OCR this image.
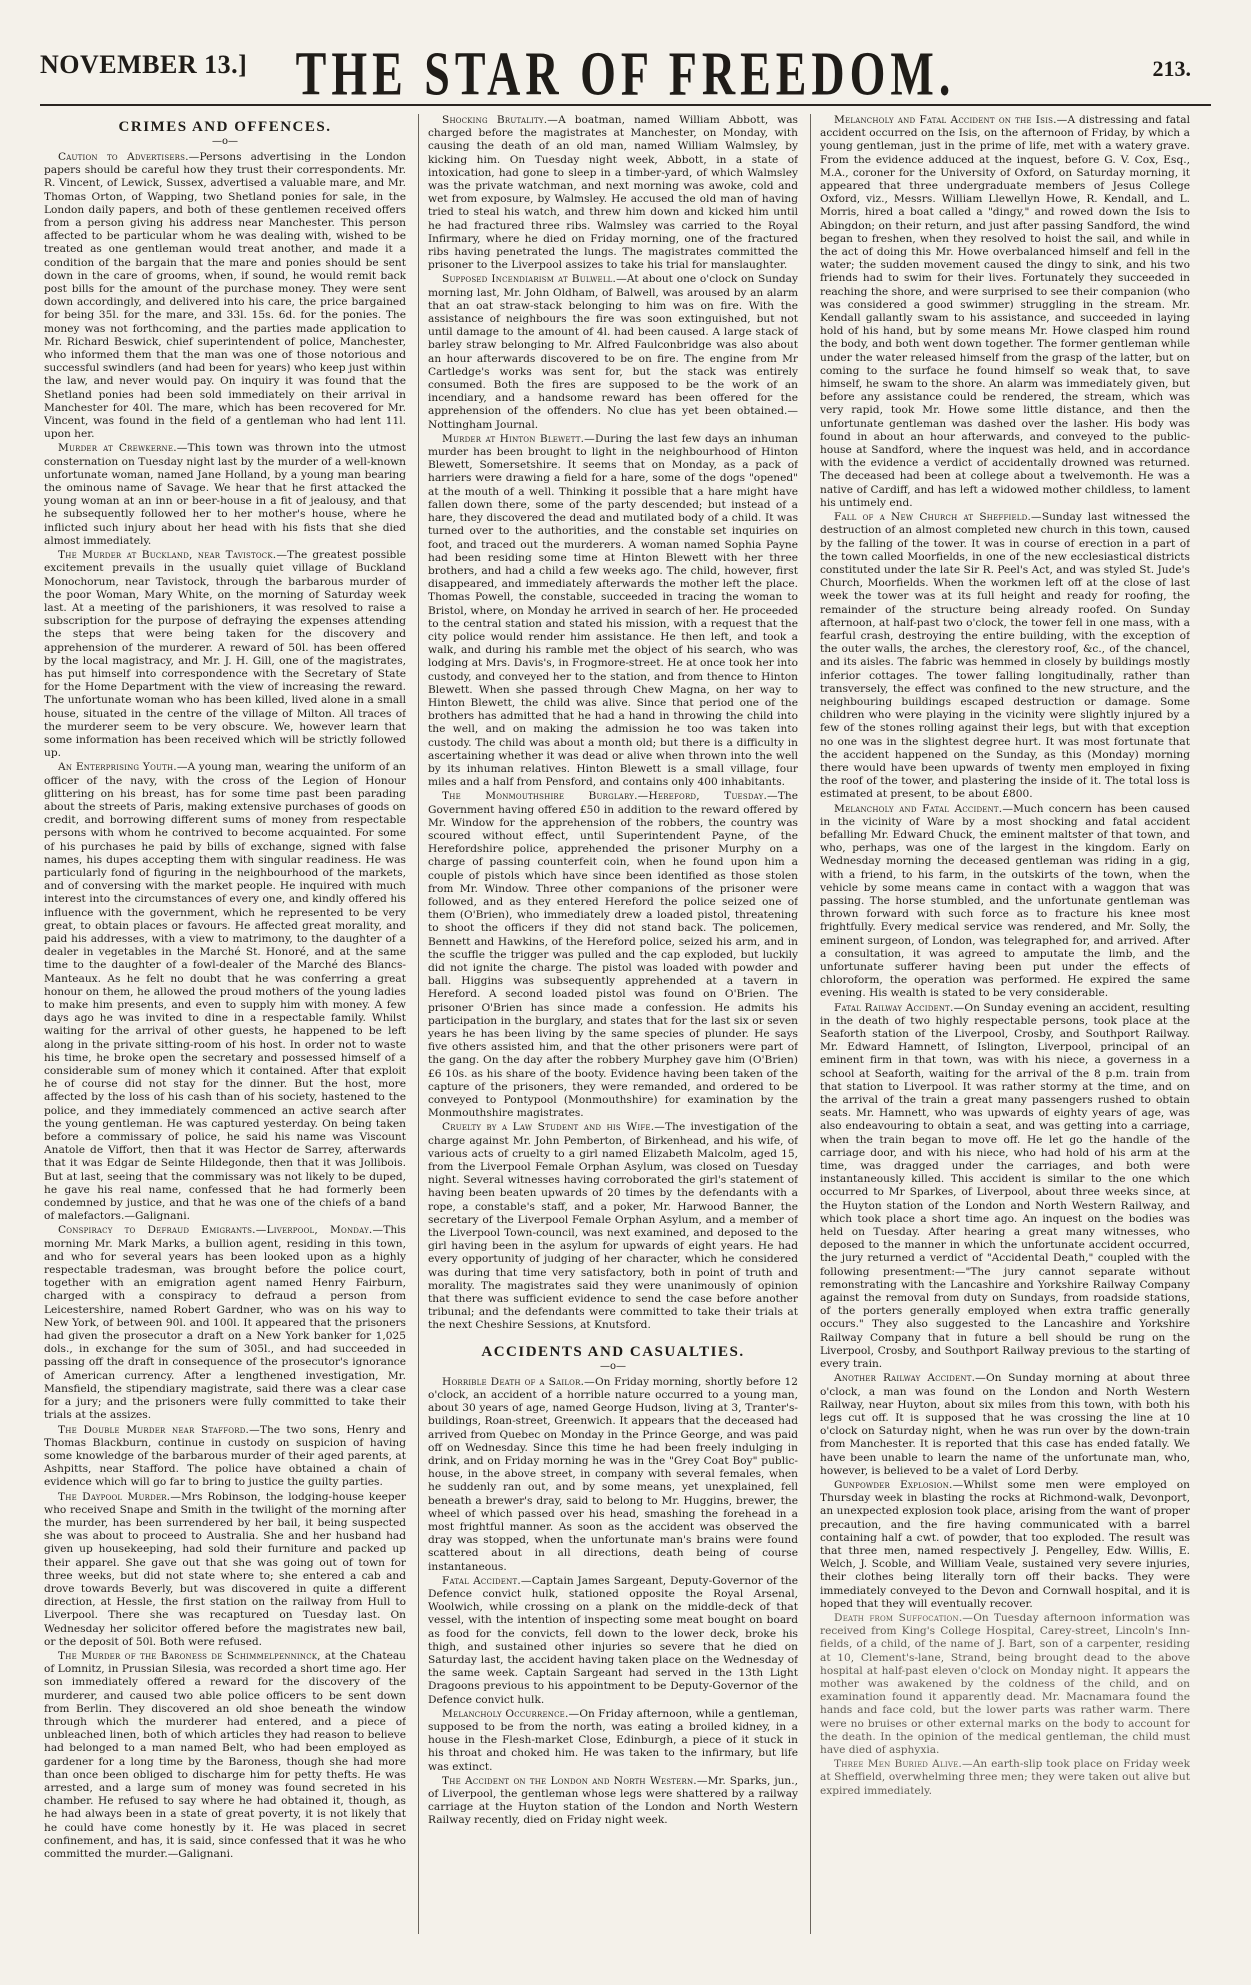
NOVEMBER 13.]	THE STAR OF FREEDOM.	213.
CRIMES AND OFFENCES.
—o—

Caution to Advertisers.—Persons advertising in the London papers should be careful how they trust their correspondents. Mr. R. Vincent, of Lewick, Sussex, advertised a valuable mare, and Mr. Thomas Orton, of Wapping, two Shetland ponies for sale, in the London daily papers, and both of these gentlemen received offers from a person giving his address near Manchester. This person affected to be particular whom he was dealing with, wished to be treated as one gentleman would treat another, and made it a condition of the bargain that the mare and ponies should be sent down in the care of grooms, when, if sound, he would remit back post bills for the amount of the purchase money. They were sent down accordingly, and delivered into his care, the price bargained for being 35l. for the mare, and 33l. 15s. 6d. for the ponies. The money was not forthcoming, and the parties made application to Mr. Richard Beswick, chief superintendent of police, Manchester, who informed them that the man was one of those notorious and successful swindlers (and had been for years) who keep just within the law, and never would pay. On inquiry it was found that the Shetland ponies had been sold immediately on their arrival in Manchester for 40l. The mare, which has been recovered for Mr. Vincent, was found in the field of a gentleman who had lent 11l. upon her.

Murder at Crewkerne.—This town was thrown into the utmost consternation on Tuesday night last by the murder of a well-known unfortunate woman, named Jane Holland, by a young man bearing the ominous name of Savage. We hear that he first attacked the young woman at an inn or beer-house in a fit of jealousy, and that he subsequently followed her to her mother's house, where he inflicted such injury about her head with his fists that she died almost immediately.

The Murder at Buckland, near Tavistock.—The greatest possible excitement prevails in the usually quiet village of Buckland Monochorum, near Tavistock, through the barbarous murder of the poor Woman, Mary White, on the morning of Saturday week last. At a meeting of the parishioners, it was resolved to raise a subscription for the purpose of defraying the expenses attending the steps that were being taken for the discovery and apprehension of the murderer. A reward of 50l. has been offered by the local magistracy, and Mr. J. H. Gill, one of the magistrates, has put himself into correspondence with the Secretary of State for the Home Department with the view of increasing the reward. The unfortunate woman who has been killed, lived alone in a small house, situated in the centre of the village of Milton. All traces of the murderer seem to be very obscure. We, however learn that some information has been received which will be strictly followed up.

An Enterprising Youth.—A young man, wearing the uniform of an officer of the navy, with the cross of the Legion of Honour glittering on his breast, has for some time past been parading about the streets of Paris, making extensive purchases of goods on credit, and borrowing different sums of money from respectable persons with whom he contrived to become acquainted. For some of his purchases he paid by bills of exchange, signed with false names, his dupes accepting them with singular readiness. He was particularly fond of figuring in the neighbourhood of the markets, and of conversing with the market people. He inquired with much interest into the circumstances of every one, and kindly offered his influence with the government, which he represented to be very great, to obtain places or favours. He affected great morality, and paid his addresses, with a view to matrimony, to the daughter of a dealer in vegetables in the Marché St. Honoré, and at the same time to the daughter of a fowl-dealer of the Marché des Blancs-Manteaux. As he felt no doubt that he was conferring a great honour on them, he allowed the proud mothers of the young ladies to make him presents, and even to supply him with money. A few days ago he was invited to dine in a respectable family. Whilst waiting for the arrival of other guests, he happened to be left along in the private sitting-room of his host. In order not to waste his time, he broke open the secretary and possessed himself of a considerable sum of money which it contained. After that exploit he of course did not stay for the dinner. But the host, more affected by the loss of his cash than of his society, hastened to the police, and they immediately commenced an active search after the young gentleman. He was captured yesterday. On being taken before a commissary of police, he said his name was Viscount Anatole de Viffort, then that it was Hector de Sarrey, afterwards that it was Edgar de Seinte Hildegonde, then that it was Jollibois. But at last, seeing that the commissary was not likely to be duped, he gave his real name, confessed that he had formerly been condemned by justice, and that he was one of the chiefs of a band of malefactors.—Galignani.

Conspiracy to Defraud Emigrants.—Liverpool, Monday.—This morning Mr. Mark Marks, a bullion agent, residing in this town, and who for several years has been looked upon as a highly respectable tradesman, was brought before the police court, together with an emigration agent named Henry Fairburn, charged with a conspiracy to defraud a person from Leicestershire, named Robert Gardner, who was on his way to New York, of between 90l. and 100l. It appeared that the prisoners had given the prosecutor a draft on a New York banker for 1,025 dols., in exchange for the sum of 305l., and had succeeded in passing off the draft in consequence of the prosecutor's ignorance of American currency. After a lengthened investigation, Mr. Mansfield, the stipendiary magistrate, said there was a clear case for a jury; and the prisoners were fully committed to take their trials at the assizes.

The Double Murder near Stafford.—The two sons, Henry and Thomas Blackburn, continue in custody on suspicion of having some knowledge of the barbarous murder of their aged parents, at Ashpitts, near Stafford. The police have obtained a chain of evidence which will go far to bring to justice the guilty parties.

The Daypool Murder.—Mrs Robinson, the lodging-house keeper who received Snape and Smith in the twilight of the morning after the murder, has been surrendered by her bail, it being suspected she was about to proceed to Australia. She and her husband had given up housekeeping, had sold their furniture and packed up their apparel. She gave out that she was going out of town for three weeks, but did not state where to; she entered a cab and drove towards Beverly, but was discovered in quite a different direction, at Hessle, the first station on the railway from Hull to Liverpool. There she was recaptured on Tuesday last. On Wednesday her solicitor offered before the magistrates new bail, or the deposit of 50l. Both were refused.

The Murder of the Baroness de Schimmelpenninck, at the Chateau of Lomnitz, in Prussian Silesia, was recorded a short time ago. Her son immediately offered a reward for the discovery of the murderer, and caused two able police officers to be sent down from Berlin. They discovered an old shoe beneath the window through which the murderer had entered, and a piece of unbleached linen, both of which articles they had reason to believe had belonged to a man named Belt, who had been employed as gardener for a long time by the Baroness, though she had more than once been obliged to discharge him for petty thefts. He was arrested, and a large sum of money was found secreted in his chamber. He refused to say where he had obtained it, though, as he had always been in a state of great poverty, it is not likely that he could have come honestly by it. He was placed in secret confinement, and has, it is said, since confessed that it was he who committed the murder.—Galignani.

Shocking Brutality.—A boatman, named William Abbott, was charged before the magistrates at Manchester, on Monday, with causing the death of an old man, named William Walmsley, by kicking him. On Tuesday night week, Abbott, in a state of intoxication, had gone to sleep in a timber-yard, of which Walmsley was the private watchman, and next morning was awoke, cold and wet from exposure, by Walmsley. He accused the old man of having tried to steal his watch, and threw him down and kicked him until he had fractured three ribs. Walmsley was carried to the Royal Infirmary, where he died on Friday morning, one of the fractured ribs having penetrated the lungs. The magistrates committed the prisoner to the Liverpool assizes to take his trial for manslaughter.

Supposed Incendiarism at Bulwell.—At about one o'clock on Sunday morning last, Mr. John Oldham, of Balwell, was aroused by an alarm that an oat straw-stack belonging to him was on fire. With the assistance of neighbours the fire was soon extinguished, but not until damage to the amount of 4l. had been caused. A large stack of barley straw belonging to Mr. Alfred Faulconbridge was also about an hour afterwards discovered to be on fire. The engine from Mr Cartledge's works was sent for, but the stack was entirely consumed. Both the fires are supposed to be the work of an incendiary, and a handsome reward has been offered for the apprehension of the offenders. No clue has yet been obtained.—Nottingham Journal.

Murder at Hinton Blewett.—During the last few days an inhuman murder has been brought to light in the neighbourhood of Hinton Blewett, Somersetshire. It seems that on Monday, as a pack of harriers were drawing a field for a hare, some of the dogs "opened" at the mouth of a well. Thinking it possible that a hare might have fallen down there, some of the party descended; but instead of a hare, they discovered the dead and mutilated body of a child. It was turned over to the authorities, and the constable set inquiries on foot, and traced out the murderers. A woman named Sophia Payne had been residing some time at Hinton Blewett with her three brothers, and had a child a few weeks ago. The child, however, first disappeared, and immediately afterwards the mother left the place. Thomas Powell, the constable, succeeded in tracing the woman to Bristol, where, on Monday he arrived in search of her. He proceeded to the central station and stated his mission, with a request that the city police would render him assistance. He then left, and took a walk, and during his ramble met the object of his search, who was lodging at Mrs. Davis's, in Frogmore-street. He at once took her into custody, and conveyed her to the station, and from thence to Hinton Blewett. When she passed through Chew Magna, on her way to Hinton Blewett, the child was alive. Since that period one of the brothers has admitted that he had a hand in throwing the child into the well, and on making the admission he too was taken into custody. The child was about a month old; but there is a difficulty in ascertaining whether it was dead or alive when thrown into the well by its inhuman relatives. Hinton Blewett is a small village, four miles and a half from Pensford, and contains only 400 inhabitants.

The Monmouthshire Burglary.—Hereford, Tuesday.—The Government having offered £50 in addition to the reward offered by Mr. Window for the apprehension of the robbers, the country was scoured without effect, until Superintendent Payne, of the Herefordshire police, apprehended the prisoner Murphy on a charge of passing counterfeit coin, when he found upon him a couple of pistols which have since been identified as those stolen from Mr. Window. Three other companions of the prisoner were followed, and as they entered Hereford the police seized one of them (O'Brien), who immediately drew a loaded pistol, threatening to shoot the officers if they did not stand back. The policemen, Bennett and Hawkins, of the Hereford police, seized his arm, and in the scuffle the trigger was pulled and the cap exploded, but luckily did not ignite the charge. The pistol was loaded with powder and ball. Higgins was subsequently apprehended at a tavern in Hereford. A second loaded pistol was found on O'Brien. The prisoner O'Brien has since made a confession. He admits his participation in the burglary, and states that for the last six or seven years he has been living by the same species of plunder. He says five others assisted him, and that the other prisoners were part of the gang. On the day after the robbery Murphey gave him (O'Brien) £6 10s. as his share of the booty. Evidence having been taken of the capture of the prisoners, they were remanded, and ordered to be conveyed to Pontypool (Monmouthshire) for examination by the Monmouthshire magistrates.

Cruelty by a Law Student and his Wife.—The investigation of the charge against Mr. John Pemberton, of Birkenhead, and his wife, of various acts of cruelty to a girl named Elizabeth Malcolm, aged 15, from the Liverpool Female Orphan Asylum, was closed on Tuesday night. Several witnesses having corroborated the girl's statement of having been beaten upwards of 20 times by the defendants with a rope, a constable's staff, and a poker, Mr. Harwood Banner, the secretary of the Liverpool Female Orphan Asylum, and a member of the Liverpool Town-council, was next examined, and deposed to the girl having been in the asylum for upwards of eight years. He had every opportunity of judging of her character, which he considered was during that time very satisfactory, both in point of truth and morality. The magistrates said they were unanimously of opinion that there was sufficient evidence to send the case before another tribunal; and the defendants were committed to take their trials at the next Cheshire Sessions, at Knutsford.

ACCIDENTS AND CASUALTIES.
—o—

Horrible Death of a Sailor.—On Friday morning, shortly before 12 o'clock, an accident of a horrible nature occurred to a young man, about 30 years of age, named George Hudson, living at 3, Tranter's-buildings, Roan-street, Greenwich. It appears that the deceased had arrived from Quebec on Monday in the Prince George, and was paid off on Wednesday. Since this time he had been freely indulging in drink, and on Friday morning he was in the "Grey Coat Boy" public-house, in the above street, in company with several females, when he suddenly ran out, and by some means, yet unexplained, fell beneath a brewer's dray, said to belong to Mr. Huggins, brewer, the wheel of which passed over his head, smashing the forehead in a most frightful manner. As soon as the accident was observed the dray was stopped, when the unfortunate man's brains were found scattered about in all directions, death being of course instantaneous.

Fatal Accident.—Captain James Sargeant, Deputy-Governor of the Defence convict hulk, stationed opposite the Royal Arsenal, Woolwich, while crossing on a plank on the middle-deck of that vessel, with the intention of inspecting some meat bought on board as food for the convicts, fell down to the lower deck, broke his thigh, and sustained other injuries so severe that he died on Saturday last, the accident having taken place on the Wednesday of the same week. Captain Sargeant had served in the 13th Light Dragoons previous to his appointment to be Deputy-Governor of the Defence convict hulk.

Melancholy Occurrence.—On Friday afternoon, while a gentleman, supposed to be from the north, was eating a broiled kidney, in a house in the Flesh-market Close, Edinburgh, a piece of it stuck in his throat and choked him. He was taken to the infirmary, but life was extinct.

The Accident on the London and North Western.—Mr. Sparks, jun., of Liverpool, the gentleman whose legs were shattered by a railway carriage at the Huyton station of the London and North Western Railway recently, died on Friday night week.

Melancholy and Fatal Accident on the Isis.—A distressing and fatal accident occurred on the Isis, on the afternoon of Friday, by which a young gentleman, just in the prime of life, met with a watery grave. From the evidence adduced at the inquest, before G. V. Cox, Esq., M.A., coroner for the University of Oxford, on Saturday morning, it appeared that three undergraduate members of Jesus College Oxford, viz., Messrs. William Llewellyn Howe, R. Kendall, and L. Morris, hired a boat called a "dingy," and rowed down the Isis to Abingdon; on their return, and just after passing Sandford, the wind began to freshen, when they resolved to hoist the sail, and while in the act of doing this Mr. Howe overbalanced himself and fell in the water; the sudden movement caused the dingy to sink, and his two friends had to swim for their lives. Fortunately they succeeded in reaching the shore, and were surprised to see their companion (who was considered a good swimmer) struggling in the stream. Mr. Kendall gallantly swam to his assistance, and succeeded in laying hold of his hand, but by some means Mr. Howe clasped him round the body, and both went down together. The former gentleman while under the water released himself from the grasp of the latter, but on coming to the surface he found himself so weak that, to save himself, he swam to the shore. An alarm was immediately given, but before any assistance could be rendered, the stream, which was very rapid, took Mr. Howe some little distance, and then the unfortunate gentleman was dashed over the lasher. His body was found in about an hour afterwards, and conveyed to the public-house at Sandford, where the inquest was held, and in accordance with the evidence a verdict of accidentally drowned was returned. The deceased had been at college about a twelvemonth. He was a native of Cardiff, and has left a widowed mother childless, to lament his untimely end.

Fall of a New Church at Sheffield.—Sunday last witnessed the destruction of an almost completed new church in this town, caused by the falling of the tower. It was in course of erection in a part of the town called Moorfields, in one of the new ecclesiastical districts constituted under the late Sir R. Peel's Act, and was styled St. Jude's Church, Moorfields. When the workmen left off at the close of last week the tower was at its full height and ready for roofing, the remainder of the structure being already roofed. On Sunday afternoon, at half-past two o'clock, the tower fell in one mass, with a fearful crash, destroying the entire building, with the exception of the outer walls, the arches, the clerestory roof, &c., of the chancel, and its aisles. The fabric was hemmed in closely by buildings mostly inferior cottages. The tower falling longitudinally, rather than transversely, the effect was confined to the new structure, and the neighbouring buildings escaped destruction or damage. Some children who were playing in the vicinity were slightly injured by a few of the stones rolling against their legs, but with that exception no one was in the slightest degree hurt. It was most fortunate that the accident happened on the Sunday, as this (Monday) morning there would have been upwards of twenty men employed in fixing the roof of the tower, and plastering the inside of it. The total loss is estimated at present, to be about £800.

Melancholy and Fatal Accident.—Much concern has been caused in the vicinity of Ware by a most shocking and fatal accident befalling Mr. Edward Chuck, the eminent maltster of that town, and who, perhaps, was one of the largest in the kingdom. Early on Wednesday morning the deceased gentleman was riding in a gig, with a friend, to his farm, in the outskirts of the town, when the vehicle by some means came in contact with a waggon that was passing. The horse stumbled, and the unfortunate gentleman was thrown forward with such force as to fracture his knee most frightfully. Every medical service was rendered, and Mr. Solly, the eminent surgeon, of London, was telegraphed for, and arrived. After a consultation, it was agreed to amputate the limb, and the unfortunate sufferer having been put under the effects of chloroform, the operation was performed. He expired the same evening. His wealth is stated to be very considerable.

Fatal Railway Accident.—On Sunday evening an accident, resulting in the death of two highly respectable persons, took place at the Seaforth station of the Liverpool, Crosby, and Southport Railway. Mr. Edward Hamnett, of Islington, Liverpool, principal of an eminent firm in that town, was with his niece, a governess in a school at Seaforth, waiting for the arrival of the 8 p.m. train from that station to Liverpool. It was rather stormy at the time, and on the arrival of the train a great many passengers rushed to obtain seats. Mr. Hamnett, who was upwards of eighty years of age, was also endeavouring to obtain a seat, and was getting into a carriage, when the train began to move off. He let go the handle of the carriage door, and with his niece, who had hold of his arm at the time, was dragged under the carriages, and both were instantaneously killed. This accident is similar to the one which occurred to Mr Sparkes, of Liverpool, about three weeks since, at the Huyton station of the London and North Western Railway, and which took place a short time ago. An inquest on the bodies was held on Tuesday. After hearing a great many witnesses, who deposed to the manner in which the unfortunate accident occurred, the jury returned a verdict of "Accidental Death," coupled with the following presentment:—"The jury cannot separate without remonstrating with the Lancashire and Yorkshire Railway Company against the removal from duty on Sundays, from roadside stations, of the porters generally employed when extra traffic generally occurs." They also suggested to the Lancashire and Yorkshire Railway Company that in future a bell should be rung on the Liverpool, Crosby, and Southport Railway previous to the starting of every train.

Another Railway Accident.—On Sunday morning at about three o'clock, a man was found on the London and North Western Railway, near Huyton, about six miles from this town, with both his legs cut off. It is supposed that he was crossing the line at 10 o'clock on Saturday night, when he was run over by the down-train from Manchester. It is reported that this case has ended fatally. We have been unable to learn the name of the unfortunate man, who, however, is believed to be a valet of Lord Derby.

Gunpowder Explosion.—Whilst some men were employed on Thursday week in blasting the rocks at Richmond-walk, Devonport, an unexpected explosion took place, arising from the want of proper precaution, and the fire having communicated with a barrel containing half a cwt. of powder, that too exploded. The result was that three men, named respectively J. Pengelley, Edw. Willis, E. Welch, J. Scoble, and William Veale, sustained very severe injuries, their clothes being literally torn off their backs. They were immediately conveyed to the Devon and Cornwall hospital, and it is hoped that they will eventually recover.

Death from Suffocation.—On Tuesday afternoon information was received from King's College Hospital, Carey-street, Lincoln's Inn-fields, of a child, of the name of J. Bart, son of a carpenter, residing at 10, Clement's-lane, Strand, being brought dead to the above hospital at half-past eleven o'clock on Monday night. It appears the mother was awakened by the coldness of the child, and on examination found it apparently dead. Mr. Macnamara found the hands and face cold, but the lower parts was rather warm. There were no bruises or other external marks on the body to account for the death. In the opinion of the medical gentleman, the child must have died of asphyxia.

Three Men Buried Alive.—An earth-slip took place on Friday week at Sheffield, overwhelming three men; they were taken out alive but expired immediately.
